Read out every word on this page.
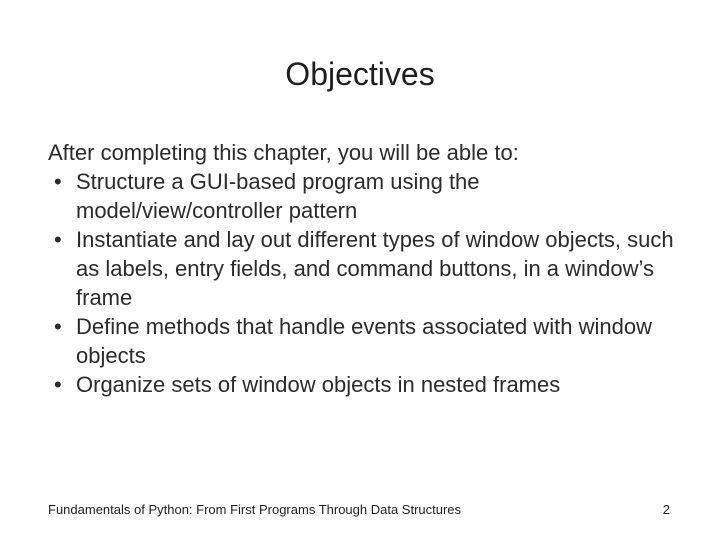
Objectives

After completing this chapter, you will be able to:

• Structure a GUI-based program using the model/view/controller pattern
• Instantiate and lay out different types of window objects, such as labels, entry fields, and command buttons, in a window’s frame
• Define methods that handle events associated with window objects
• Organize sets of window objects in nested frames
Fundamentals of Python: From First Programs Through Data Structures	2
